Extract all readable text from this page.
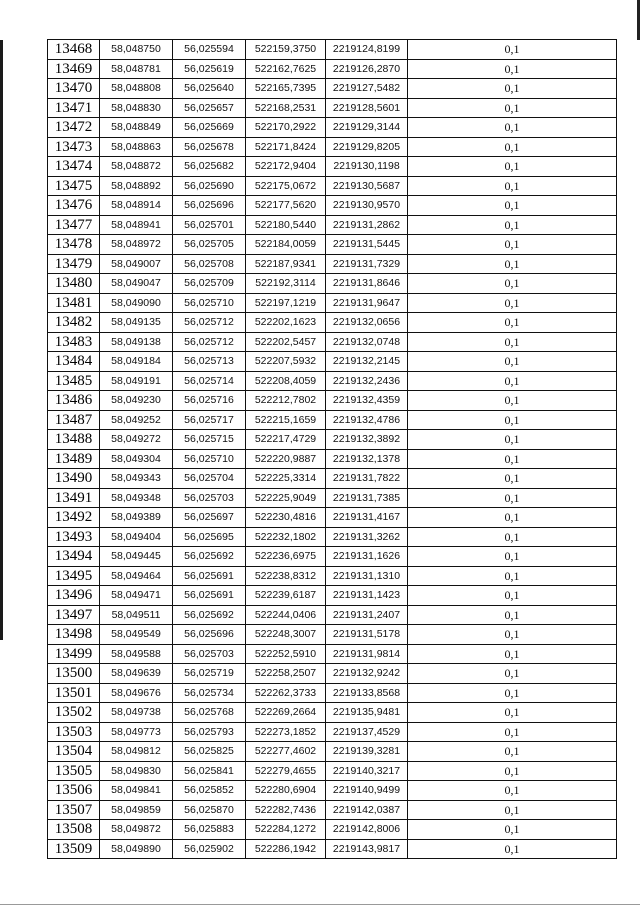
13468	58,048750	56,025594	522159,3750	2219124,8199	0,1
13469	58,048781	56,025619	522162,7625	2219126,2870	0,1
13470	58,048808	56,025640	522165,7395	2219127,5482	0,1
13471	58,048830	56,025657	522168,2531	2219128,5601	0,1
13472	58,048849	56,025669	522170,2922	2219129,3144	0,1
13473	58,048863	56,025678	522171,8424	2219129,8205	0,1
13474	58,048872	56,025682	522172,9404	2219130,1198	0,1
13475	58,048892	56,025690	522175,0672	2219130,5687	0,1
13476	58,048914	56,025696	522177,5620	2219130,9570	0,1
13477	58,048941	56,025701	522180,5440	2219131,2862	0,1
13478	58,048972	56,025705	522184,0059	2219131,5445	0,1
13479	58,049007	56,025708	522187,9341	2219131,7329	0,1
13480	58,049047	56,025709	522192,3114	2219131,8646	0,1
13481	58,049090	56,025710	522197,1219	2219131,9647	0,1
13482	58,049135	56,025712	522202,1623	2219132,0656	0,1
13483	58,049138	56,025712	522202,5457	2219132,0748	0,1
13484	58,049184	56,025713	522207,5932	2219132,2145	0,1
13485	58,049191	56,025714	522208,4059	2219132,2436	0,1
13486	58,049230	56,025716	522212,7802	2219132,4359	0,1
13487	58,049252	56,025717	522215,1659	2219132,4786	0,1
13488	58,049272	56,025715	522217,4729	2219132,3892	0,1
13489	58,049304	56,025710	522220,9887	2219132,1378	0,1
13490	58,049343	56,025704	522225,3314	2219131,7822	0,1
13491	58,049348	56,025703	522225,9049	2219131,7385	0,1
13492	58,049389	56,025697	522230,4816	2219131,4167	0,1
13493	58,049404	56,025695	522232,1802	2219131,3262	0,1
13494	58,049445	56,025692	522236,6975	2219131,1626	0,1
13495	58,049464	56,025691	522238,8312	2219131,1310	0,1
13496	58,049471	56,025691	522239,6187	2219131,1423	0,1
13497	58,049511	56,025692	522244,0406	2219131,2407	0,1
13498	58,049549	56,025696	522248,3007	2219131,5178	0,1
13499	58,049588	56,025703	522252,5910	2219131,9814	0,1
13500	58,049639	56,025719	522258,2507	2219132,9242	0,1
13501	58,049676	56,025734	522262,3733	2219133,8568	0,1
13502	58,049738	56,025768	522269,2664	2219135,9481	0,1
13503	58,049773	56,025793	522273,1852	2219137,4529	0,1
13504	58,049812	56,025825	522277,4602	2219139,3281	0,1
13505	58,049830	56,025841	522279,4655	2219140,3217	0,1
13506	58,049841	56,025852	522280,6904	2219140,9499	0,1
13507	58,049859	56,025870	522282,7436	2219142,0387	0,1
13508	58,049872	56,025883	522284,1272	2219142,8006	0,1
13509	58,049890	56,025902	522286,1942	2219143,9817	0,1
